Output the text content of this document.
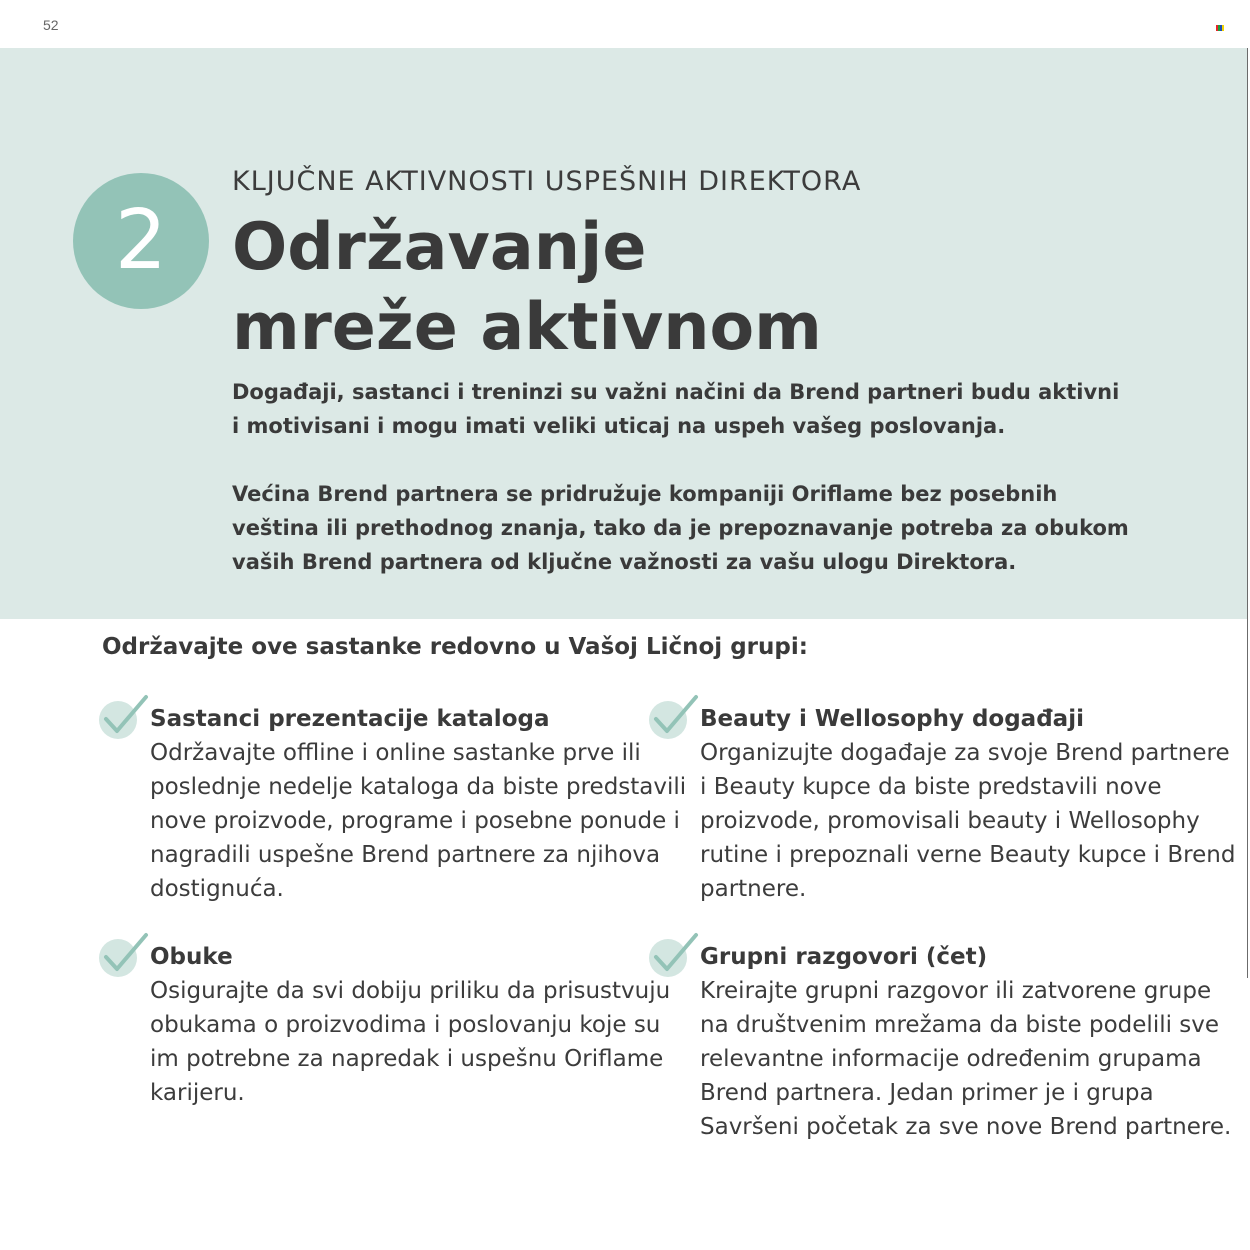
52
2
KLJUČNE AKTIVNOSTI USPEŠNIH DIREKTORA
Održavanje
mreže aktivnom

Događaji, sastanci i treninzi su važni načini da Brend partneri budu aktivni i motivisani i mogu imati veliki uticaj na uspeh vašeg poslovanja.

Većina Brend partnera se pridružuje kompaniji Oriflame bez posebnih veština ili prethodnog znanja, tako da je prepoznavanje potreba za obukom vaših Brend partnera od ključne važnosti za vašu ulogu Direktora.

Održavajte ove sastanke redovno u Vašoj Ličnoj grupi:
Sastanci prezentacije kataloga

Održavajte offline i online sastanke prve ili poslednje nedelje kataloga da biste predstavili nove proizvode, programe i posebne ponude i nagradili uspešne Brend partnere za njihova dostignuća.

Beauty i Wellosophy događaji

Organizujte događaje za svoje Brend partnere i Beauty kupce da biste predstavili nove proizvode, promovisali beauty i Wellosophy rutine i prepoznali verne Beauty kupce i Brend partnere.

Obuke

Osigurajte da svi dobiju priliku da prisustvuju obukama o proizvodima i poslovanju koje su im potrebne za napredak i uspešnu Oriflame karijeru.

Grupni razgovori (čet)

Kreirajte grupni razgovor ili zatvorene grupe na društvenim mrežama da biste podelili sve relevantne informacije određenim grupama Brend partnera. Jedan primer je i grupa Savršeni početak za sve nove Brend partnere.
